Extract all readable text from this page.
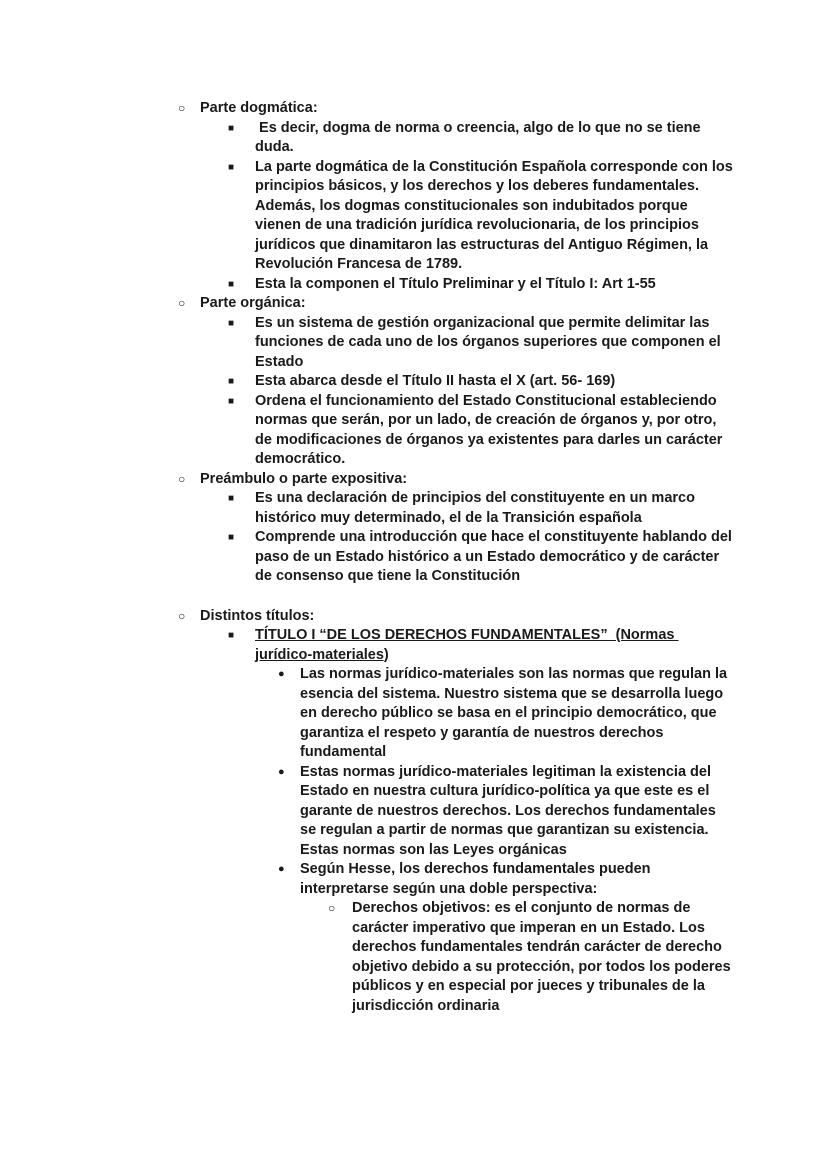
○	Parte dogmática:
■	Es decir, dogma de norma o creencia, algo de lo que no se tiene duda.
■	La parte dogmática de la Constitución Española corresponde con los principios básicos, y los derechos y los deberes fundamentales. Además, los dogmas constitucionales son indubitados porque vienen de una tradición jurídica revolucionaria, de los principios jurídicos que dinamitaron las estructuras del Antiguo Régimen, la Revolución Francesa de 1789.
■	Esta la componen el Título Preliminar y el Título I: Art 1-55
○	Parte orgánica:
■	Es un sistema de gestión organizacional que permite delimitar las funciones de cada uno de los órganos superiores que componen el Estado
■	Esta abarca desde el Título II hasta el X (art. 56- 169)
■	Ordena el funcionamiento del Estado Constitucional estableciendo normas que serán, por un lado, de creación de órganos y, por otro, de modificaciones de órganos ya existentes para darles un carácter democrático.
○	Preámbulo o parte expositiva:
■	Es una declaración de principios del constituyente en un marco histórico muy determinado, el de la Transición española
■	Comprende una introducción que hace el constituyente hablando del paso de un Estado histórico a un Estado democrático y de carácter de consenso que tiene la Constitución
○	Distintos títulos:
■	TÍTULO I “DE LOS DERECHOS FUNDAMENTALES”  (Normas jurídico-materiales)
●	Las normas jurídico-materiales son las normas que regulan la esencia del sistema. Nuestro sistema que se desarrolla luego en derecho público se basa en el principio democrático, que garantiza el respeto y garantía de nuestros derechos fundamental
●	Estas normas jurídico-materiales legitiman la existencia del Estado en nuestra cultura jurídico-política ya que este es el garante de nuestros derechos. Los derechos fundamentales se regulan a partir de normas que garantizan su existencia. Estas normas son las Leyes orgánicas
●	Según Hesse, los derechos fundamentales pueden interpretarse según una doble perspectiva:
○	Derechos objetivos: es el conjunto de normas de carácter imperativo que imperan en un Estado. Los derechos fundamentales tendrán carácter de derecho objetivo debido a su protección, por todos los poderes públicos y en especial por jueces y tribunales de la jurisdicción ordinaria
